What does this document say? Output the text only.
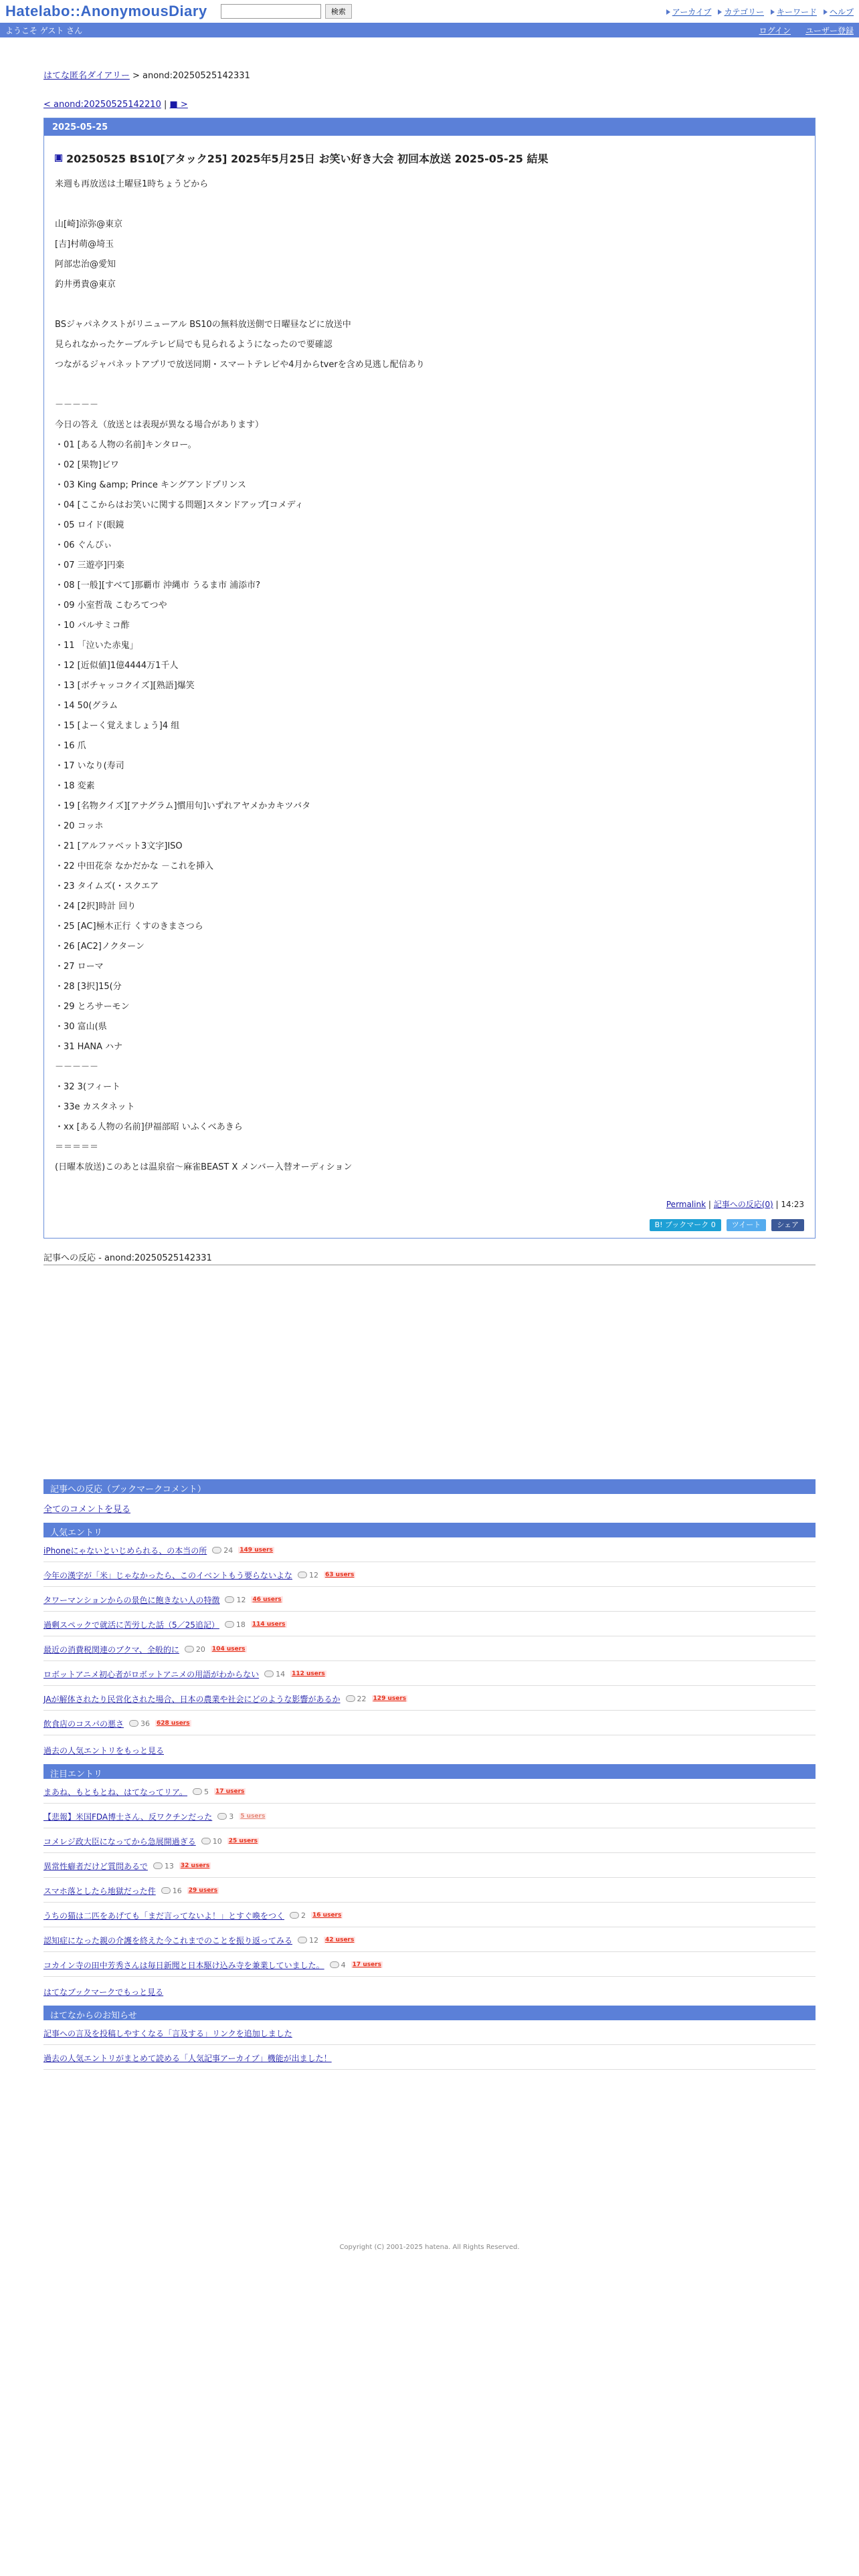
Hatelabo::AnonymousDiary	検索	アーカイブ	カテゴリー	キーワード	ヘルプ
ようこそ ゲスト さん	ログイン ユーザー登録
はてな匿名ダイアリー > anond:20250525142331
< anond:20250525142210 | ■ >
2025-05-25
■ 20250525 BS10[アタック25] 2025年5月25日 お笑い好き大会 初回本放送 2025-05-25 結果
来週も再放送は土曜昼1時ちょうどから
山[崎]涼弥@東京
[吉]村萌@埼玉
阿部忠治@愛知
釣井勇貴@東京
BSジャパネクストがリニューアル BS10の無料放送側で日曜昼などに放送中
見られなかったケーブルテレビ局でも見られるようになったので要確認
つながるジャパネットアプリで放送同期・スマートテレビや4月からtverを含め見逃し配信あり
－－－－－
今日の答え（放送とは表現が異なる場合があります）
・01 [ある人物の名前]キンタロー。
・02 [果物]ビワ
・03 King &amp; Prince キングアンドプリンス
・04 [ここからはお笑いに関する問題]スタンドアップ[コメディ
・05 ロイド(眼鏡
・06 ぐんぴぃ
・07 三遊亭]円楽
・08 [一般][すべて]那覇市 沖縄市 うるま市 浦添市?
・09 小室哲哉 こむろてつや
・10 バルサミコ酢
・11 「泣いた赤鬼」
・12 [近似値]1億4444万1千人
・13 [ボチャッコクイズ][熟語]爆笑
・14 50(グラム
・15 [よーく覚えましょう]4 组
・16 爪
・17 いなり(寿司
・18 変素
・19 [名物クイズ][アナグラム]慣用句]いずれアヤメかカキツバタ
・20 コッホ
・21 [アルファベット3文字]ISO
・22 中田花奈 なかだかな －これを挿入
・23 タイムズ(・スクエア
・24 [2択]時計 回り
・25 [AC]極木正行 くすのきまさつら
・26 [AC2]ノクターン
・27 ローマ
・28 [3択]15(分
・29 とろサーモン
・30 富山(県
・31 HANA ハナ
－－－－－
・32 3(フィート
・33e カスタネット
・xx [ある人物の名前]伊福部昭 いふくべあきら
＝＝＝＝＝
(日曜本放送)このあとは温泉宿～麻雀BEAST X メンバー入替オーディション
Permalink | 記事への反応(0) | 14:23
B! ブックマーク 0	ツイート	シェア
記事への反応 - anond:20250525142331
記事への反応（ブックマークコメント）
全てのコメントを見る
人気エントリ
iPhoneにゃないといじめられる、の本当の所 24 149 users
今年の漢字が「米」じゃなかったら、このイベントもう要らないよな 12 63 users
タワーマンションからの景色に飽きない人の特徴 12 46 users
過剰スペックで就活に苦労した話（5／25追記） 18 114 users
最近の消費税関連のブクマ、全般的に 20 104 users
ロボットアニメ初心者がロボットアニメの用語がわからない 14 112 users
JAが解体されたり民営化された場合、日本の農業や社会にどのような影響があるか 22 129 users
飲食店のコスパの悪さ 36 628 users
過去の人気エントリをもっと見る
注目エントリ
まあね、もともとね、はてなってリア。 5 17 users
【悲報】米国FDA博士さん、反ワクチンだった 3 5 users
コメレジ政大臣になってから急展開過ぎる 10 25 users
異常性癖者だけど質問あるで 13 32 users
スマホ落としたら地獄だった件 16 29 users
うちの猫は二匹をあげても「まだ言ってないよ！」とすぐ喚をつく 2 16 users
認知症になった親の介護を終えた今これまでのことを振り返ってみる 12 42 users
コカイン寺の田中芳秀さんは毎日新聞と日本駆け込み寺を兼業していました。 4 17 users
はてなブックマークでもっと見る
はてなからのお知らせ
記事への言及を投稿しやすくなる「言及する」リンクを追加しました
過去の人気エントリがまとめて読める「人気記事アーカイブ」機能が出ました！
Copyright (C) 2001-2025 hatena. All Rights Reserved.
